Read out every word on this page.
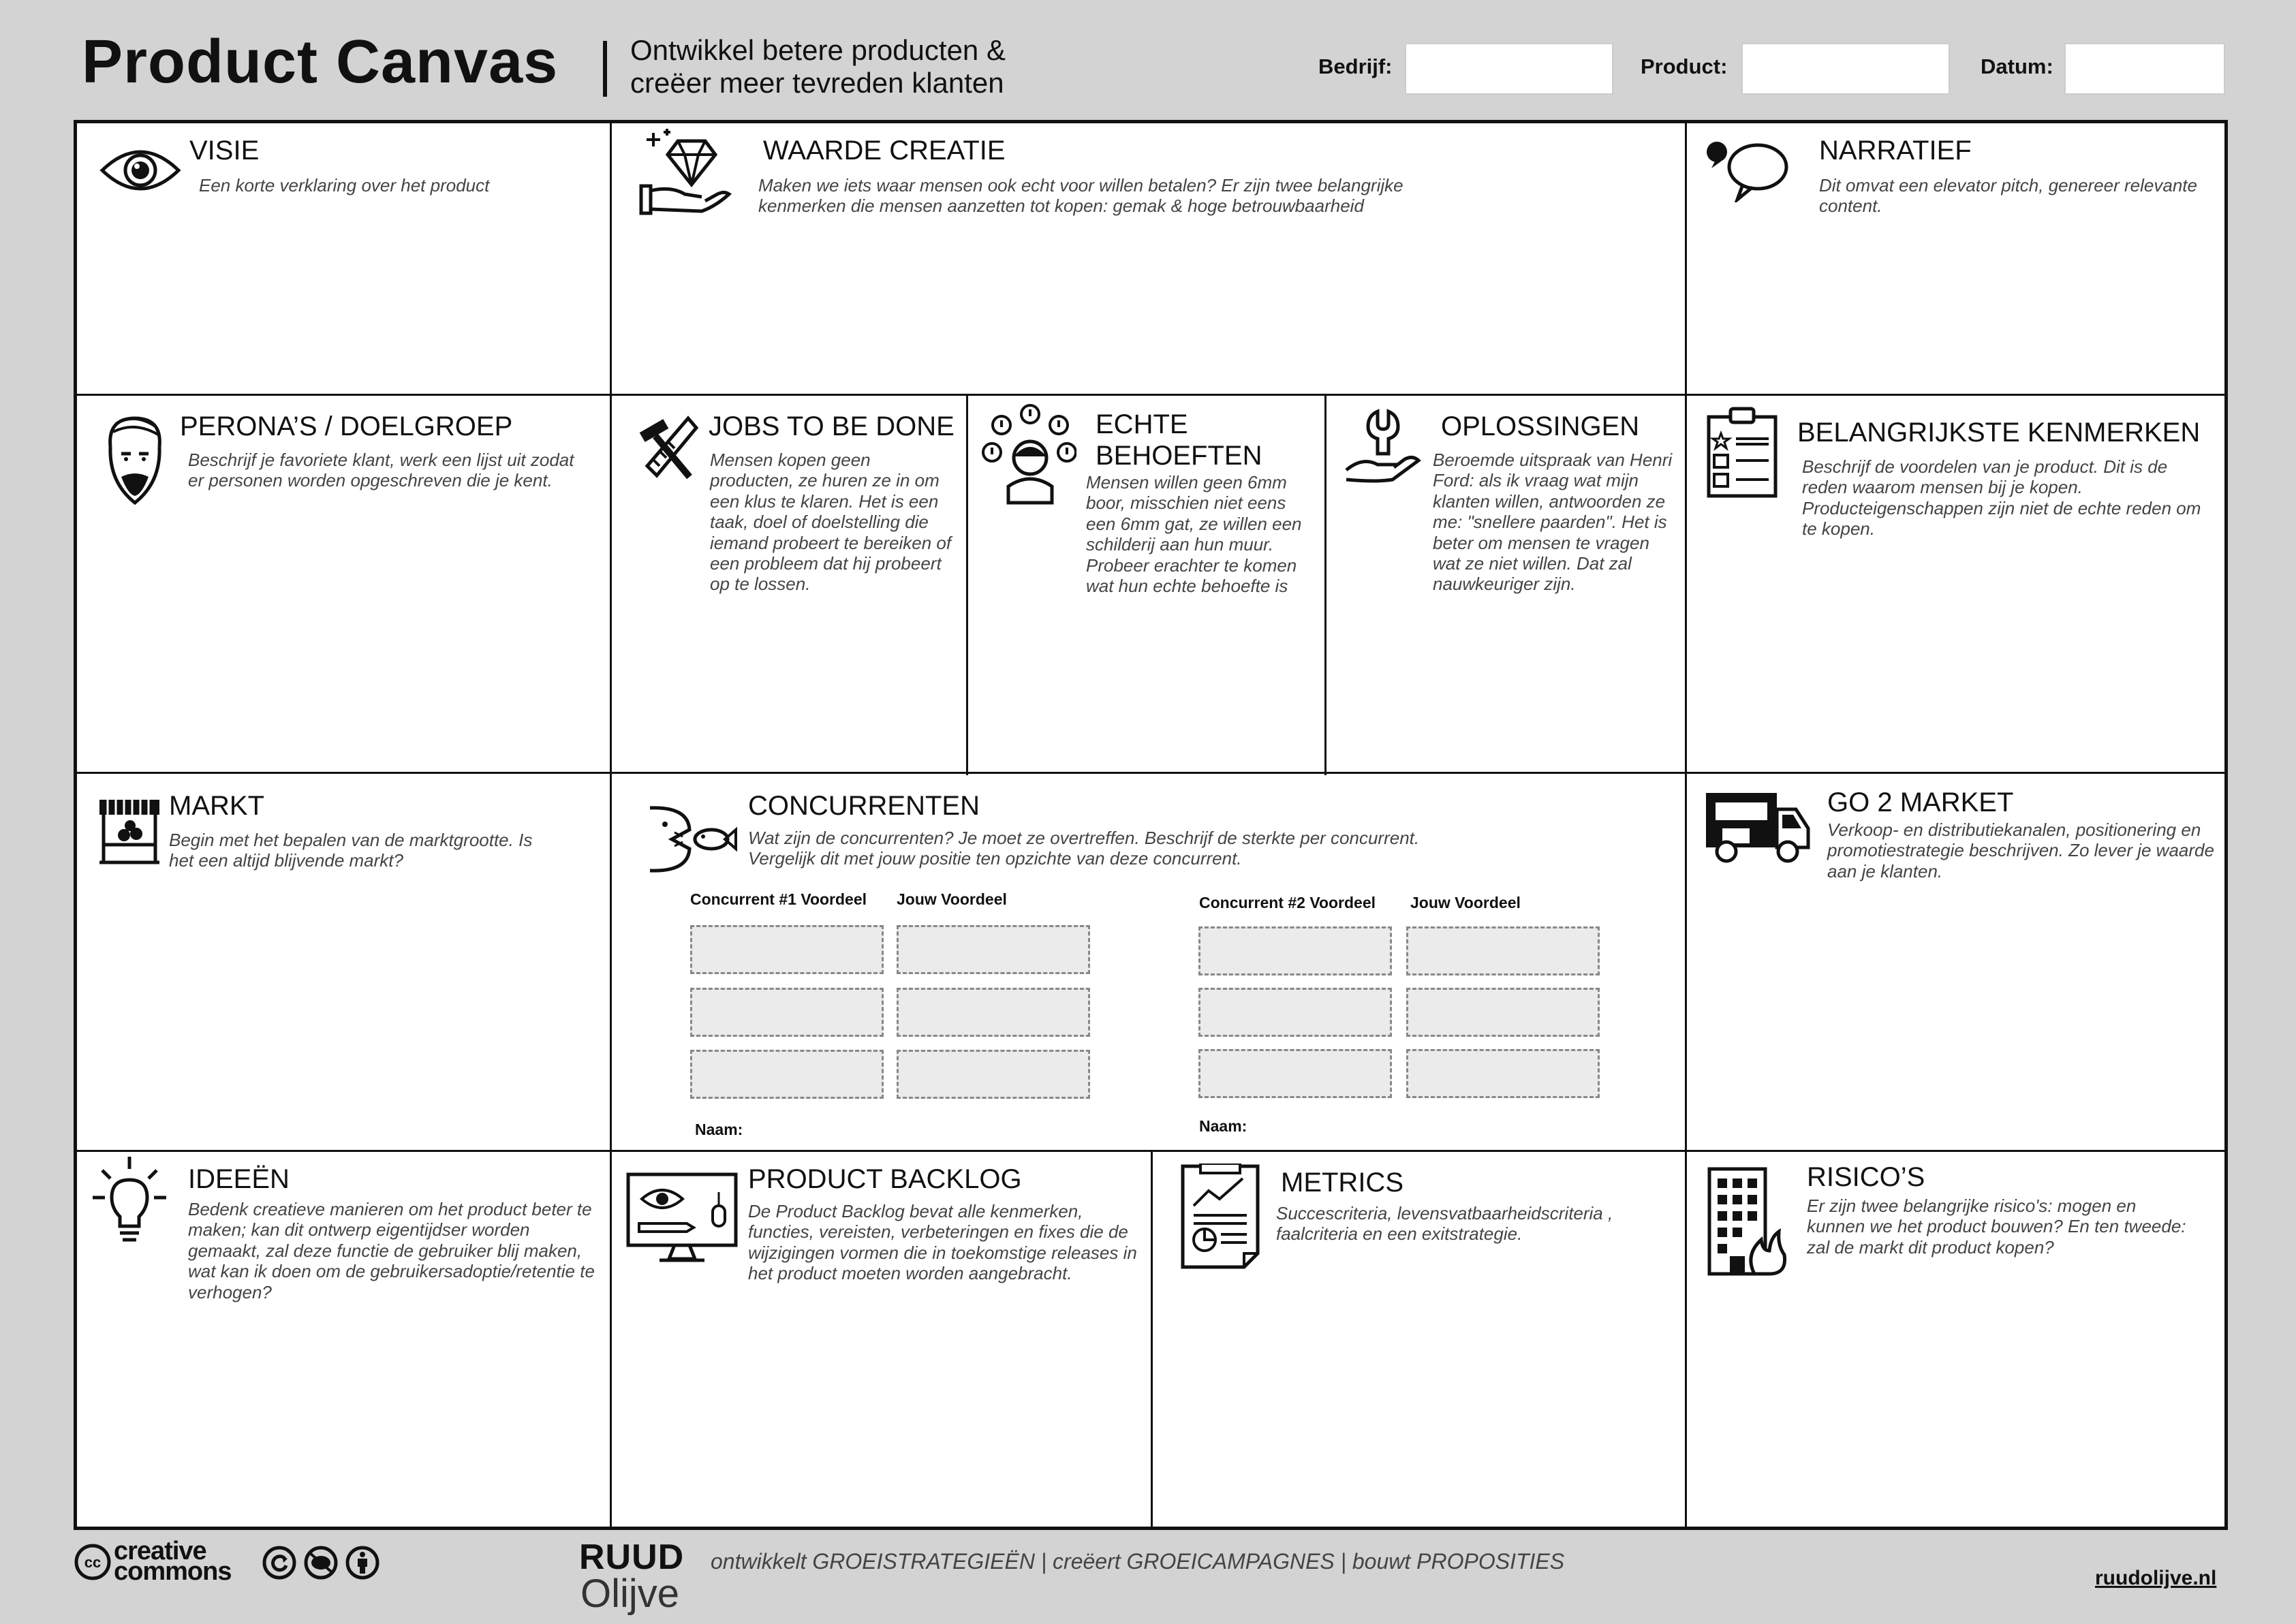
Product Canvas	Ontwikkel betere producten &
creëer meer tevreden klanten
Bedrijf:	Product:	Datum:
VISIE
Een korte verklaring over het product
WAARDE CREATIE
Maken we iets waar mensen ook echt voor willen betalen? Er zijn twee belangrijke kenmerken die mensen aanzetten tot kopen: gemak & hoge betrouwbaarheid
NARRATIEF
Dit omvat een elevator pitch, genereer relevante content.
PERONA’S / DOELGROEP
Beschrijf je favoriete klant, werk een lijst uit zodat er personen worden opgeschreven die je kent.
JOBS TO BE DONE
Mensen kopen geen producten, ze huren ze in om een klus te klaren. Het is een taak, doel of doelstelling die iemand probeert te bereiken of een probleem dat hij probeert op te lossen.
ECHTE
BEHOEFTEN
Mensen willen geen 6mm boor, misschien niet eens een 6mm gat, ze willen een schilderij aan hun muur. Probeer erachter te komen wat hun echte behoefte is
OPLOSSINGEN
Beroemde uitspraak van Henri Ford: als ik vraag wat mijn klanten willen, antwoorden ze me: "snellere paarden". Het is beter om mensen te vragen wat ze niet willen. Dat zal nauwkeuriger zijn.
BELANGRIJKSTE KENMERKEN
Beschrijf de voordelen van je product. Dit is de reden waarom mensen bij je kopen. Producteigenschappen zijn niet de echte reden om te kopen.
MARKT
Begin met het bepalen van de marktgrootte. Is het een altijd blijvende markt?
CONCURRENTEN
Wat zijn de concurrenten? Je moet ze overtreffen. Beschrijf de sterkte per concurrent. Vergelijk dit met jouw positie ten opzichte van deze concurrent.
Concurrent #1 Voordeel Jouw Voordeel	Concurrent #2 Voordeel Jouw Voordeel
Naam:	Naam:
GO 2 MARKET
Verkoop- en distributiekanalen, positionering en promotiestrategie beschrijven. Zo lever je waarde aan je klanten.
IDEEËN
Bedenk creatieve manieren om het product beter te maken; kan dit ontwerp eigentijdser worden gemaakt, zal deze functie de gebruiker blij maken, wat kan ik doen om de gebruikersadoptie/retentie te verhogen?
PRODUCT BACKLOG
De Product Backlog bevat alle kenmerken, functies, vereisten, verbeteringen en fixes die de wijzigingen vormen die in toekomstige releases in het product moeten worden aangebracht.
METRICS
Succescriteria, levensvatbaarheidscriteria , faalcriteria en een exitstrategie.
RISICO’S
Er zijn twee belangrijke risico's: mogen en kunnen we het product bouwen? En ten tweede: zal de markt dit product kopen?
cc creative
commons	RUUD
Olijve
ontwikkelt GROEISTRATEGIEËN | creëert GROEICAMPAGNES | bouwt PROPOSITIES
ruudolijve.nl
